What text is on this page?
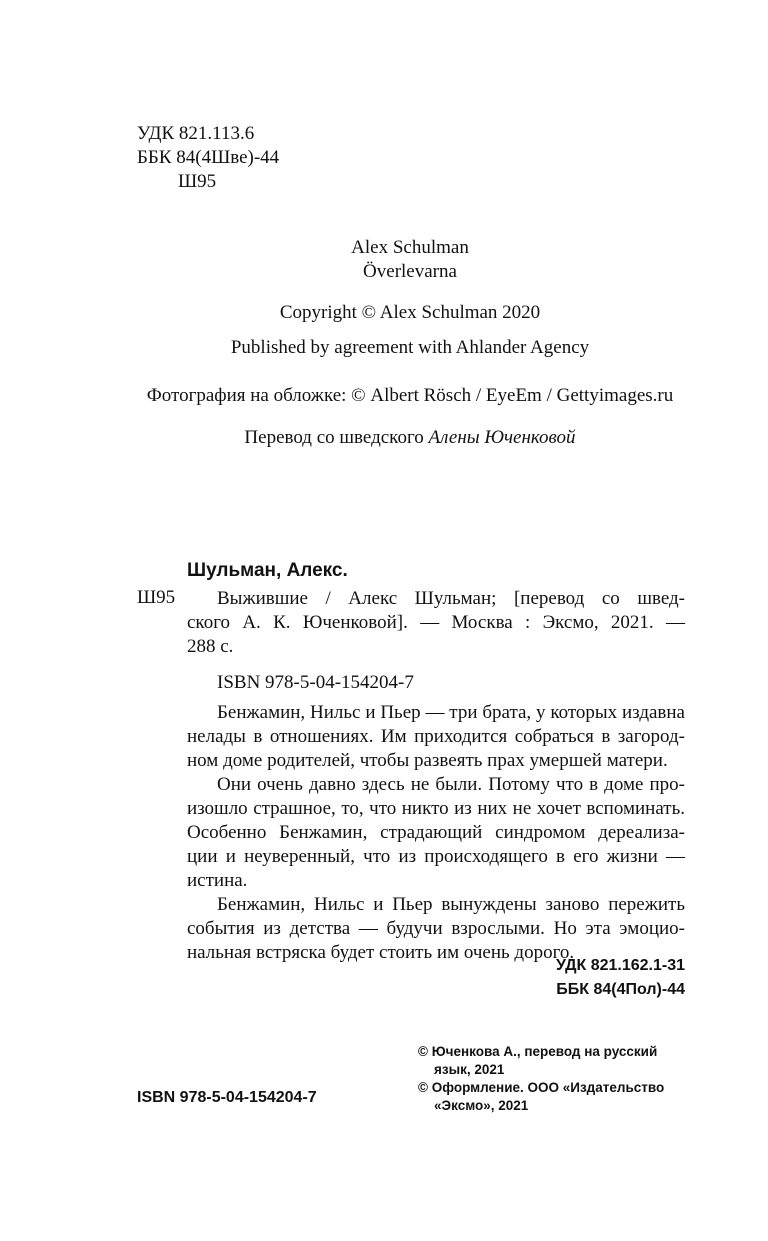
УДК 821.113.6
ББК 84(4Шве)-44
Ш95
Alex Schulman
Överlevarna
Copyright © Alex Schulman 2020
Published by agreement with Ahlander Agency
Фотография на обложке: © Albert Rösch / EyeEm / Gettyimages.ru
Перевод со шведского Алены Юченковой
Шульман, Алекс.
Ш95	Выжившие / Алекс Шульман; [перевод со швед-
ского А. К. Юченковой]. — Москва : Эксмо, 2021. —
288 с.
ISBN 978-5-04-154204-7
Бенжамин, Нильс и Пьер — три брата, у которых издавна
нелады в отношениях. Им приходится собраться в загород-
ном доме родителей, чтобы развеять прах умершей матери.
Они очень давно здесь не были. Потому что в доме про-
изошло страшное, то, что никто из них не хочет вспоминать.
Особенно Бенжамин, страдающий синдромом дереализа-
ции и неуверенный, что из происходящего в его жизни —
истина.
Бенжамин, Нильс и Пьер вынуждены заново пережить
события из детства — будучи взрослыми. Но эта эмоцио-
нальная встряска будет стоить им очень дорого.
УДК 821.162.1-31
ББК 84(4Пол)-44
ISBN 978-5-04-154204-7
© Юченкова А., перевод на русский
язык, 2021
© Оформление. ООО «Издательство
«Эксмо», 2021
